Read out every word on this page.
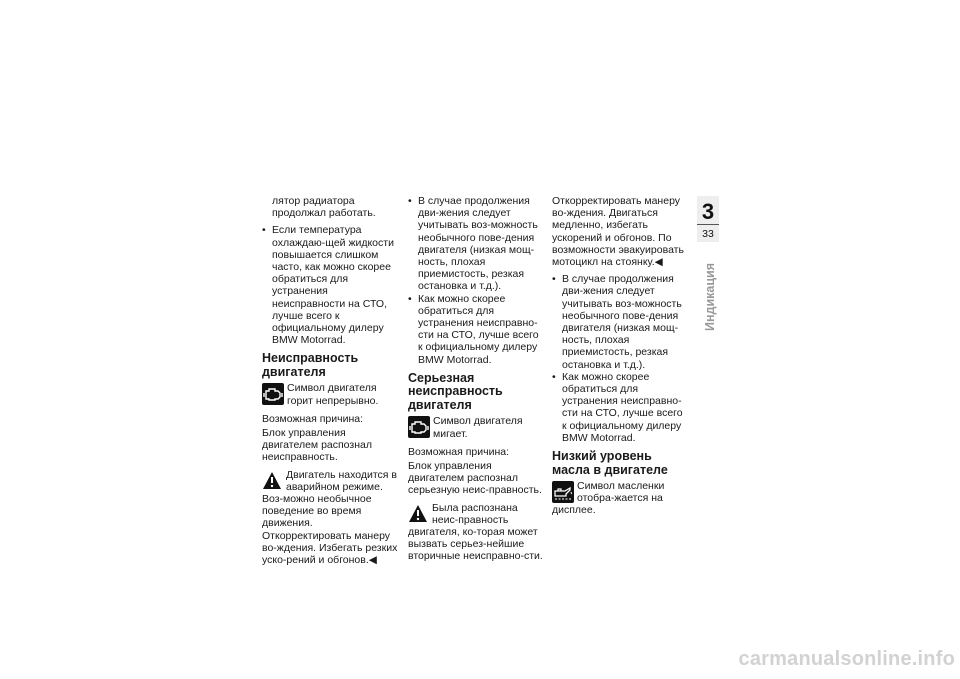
лятор радиатора продолжал работать.

• Если температура охлаждаю-щей жидкости повышается слишком часто, как можно скорее обратиться для устранения неисправности на СТО, лучше всего к официальному дилеру BMW Motorrad.

Неисправность двигателя
Символ двигателя горит непрерывно.

Возможная причина:

Блок управления двигателем распознал неисправность.

Двигатель находится в аварийном режиме. Воз-можно необычное поведение во время движения. Откорректировать манеру во-ждения. Избегать резких уско-рений и обгонов.◀

• В случае продолжения дви-жения следует учитывать воз-можность необычного пове-дения двигателя (низкая мощ-ность, плохая приемистость, резкая остановка и т.д.).

• Как можно скорее обратиться для устранения неисправно-сти на СТО, лучше всего к официальному дилеру BMW Motorrad.

Серьезная неисправность двигателя
Символ двигателя мигает.

Возможная причина:

Блок управления двигателем распознал серьезную неис-правность.

Была распознана неис-правность двигателя, ко-торая может вызвать серьез-нейшие вторичные неисправно-сти.

Откорректировать манеру во-ждения. Двигаться медленно, избегать ускорений и обгонов. По возможности эвакуировать мотоцикл на стоянку.◀

• В случае продолжения дви-жения следует учитывать воз-можность необычного пове-дения двигателя (низкая мощ-ность, плохая приемистость, резкая остановка и т.д.).

• Как можно скорее обратиться для устранения неисправно-сти на СТО, лучше всего к официальному дилеру BMW Motorrad.

Низкий уровень масла в двигателе
Символ масленки отобра-жается на дисплее.
3
33
Индикация
carmanualsonline.info
